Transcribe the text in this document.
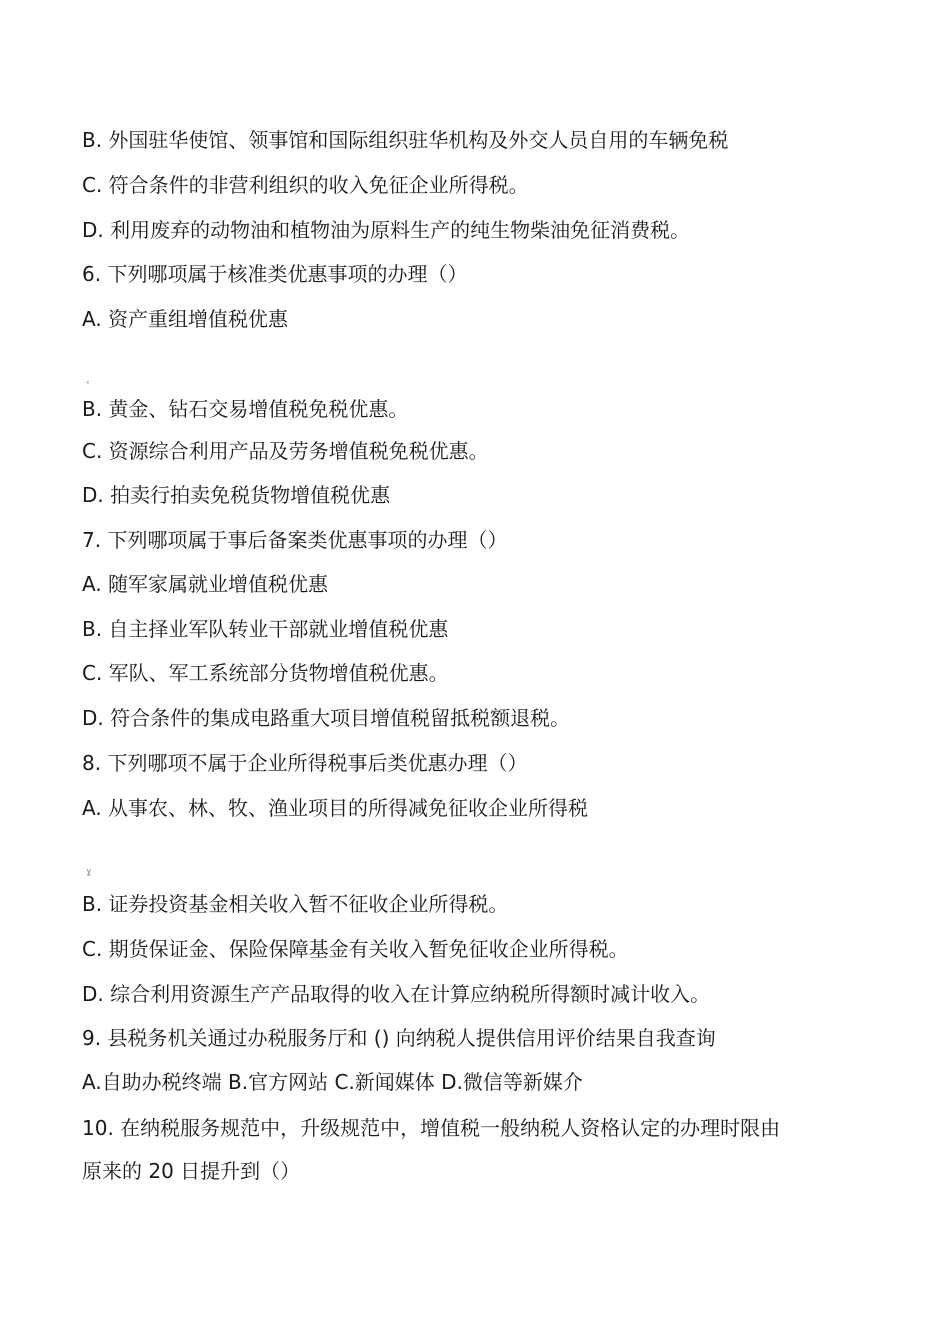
B. 外国驻华使馆、领事馆和国际组织驻华机构及外交人员自用的车辆免税
C. 符合条件的非营利组织的收入免征企业所得税。
D. 利用废弃的动物油和植物油为原料生产的纯生物柴油免征消费税。
6. 下列哪项属于核准类优惠事项的办理（）
A. 资产重组增值税优惠
‹
B. 黄金、钻石交易增值税免税优惠。
C. 资源综合利用产品及劳务增值税免税优惠。
D. 拍卖行拍卖免税货物增值税优惠
7. 下列哪项属于事后备案类优惠事项的办理（）
A. 随军家属就业增值税优惠
B. 自主择业军队转业干部就业增值税优惠
C. 军队、军工系统部分货物增值税优惠。
D. 符合条件的集成电路重大项目增值税留抵税额退税。
8. 下列哪项不属于企业所得税事后类优惠办理（）
A. 从事农、林、牧、渔业项目的所得减免征收企业所得税
ɣ
B. 证券投资基金相关收入暂不征收企业所得税。
C. 期货保证金、保险保障基金有关收入暂免征收企业所得税。
D. 综合利用资源生产产品取得的收入在计算应纳税所得额时减计收入。
9. 县税务机关通过办税服务厅和 () 向纳税人提供信用评价结果自我查询
A.自助办税终端 B.官方网站 C.新闻媒体 D.微信等新媒介
10. 在纳税服务规范中，升级规范中，增值税一般纳税人资格认定的办理时限由
原来的 20 日提升到（）
